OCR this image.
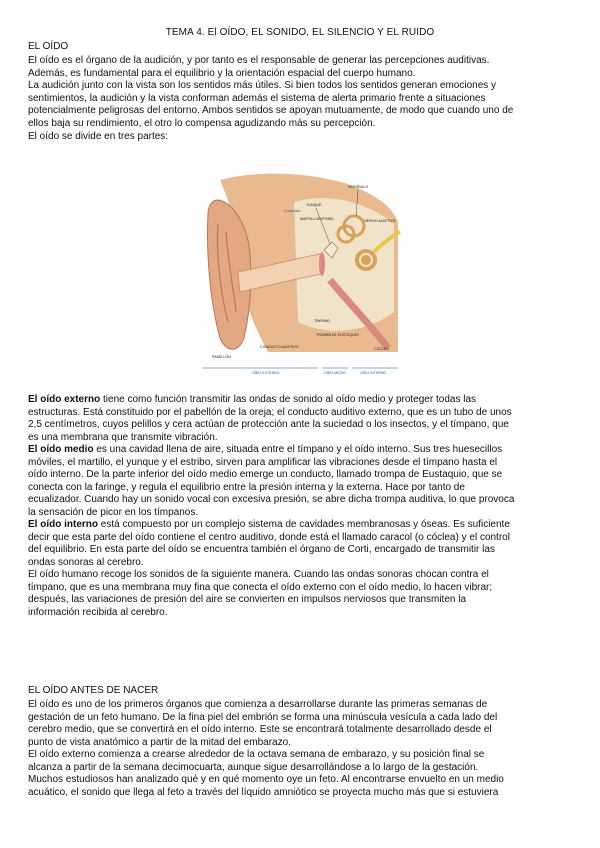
TEMA 4. El OÍDO, EL SONIDO, EL SILENCIO Y EL RUIDO
EL OÍDO
El oído es el órgano de la audición, y por tanto es el responsable de generar las percepciones auditivas.
Además, es fundamental para el equilibrio y la orientación espacial del cuerpo humano.
La audición junto con la vista son los sentidos más útiles. Si bien todos los sentidos generan emociones y
sentimientos, la audición y la vista conforman además el sistema de alerta primario frente a situaciones
potencialmente peligrosas del entorno. Ambos sentidos se apoyan mutuamente, de modo que cuando uno de
ellos baja su rendimiento, el otro lo compensa agudizando más su percepción.
El oído se divide en tres partes:
VESTÍBULO
YUNQUE
3 osículos
MARTILLO ESTRIBO	NERVIO AUDITIVO
TÍMPANO
TROMPA DE EUSTAQUIO
CÓCLEA
CONDUCTO AUDITIVO
PABELLÓN
OÍDO EXTERNO	OÍDO MEDIO	OÍDO INTERNO
El oído externo tiene como función transmitir las ondas de sonido al oído medio y proteger todas las
estructuras. Está constituido por el pabellón de la oreja; el conducto auditivo externo, que es un tubo de unos
2,5 centímetros, cuyos pelillos y cera actúan de protección ante la suciedad o los insectos, y el tímpano, que
es una membrana que transmite vibración.
El oído medio es una cavidad llena de aire, situada entre el tímpano y el oído interno. Sus tres huesecillos
móviles, el martillo, el yunque y el estribo, sirven para amplificar las vibraciones desde el tímpano hasta el
oído interno. De la parte inferior del oído medio emerge un conducto, llamado trompa de Eustaquio, que se
conecta con la faringe, y regula el equilibrio entre la presión interna y la externa. Hace por tanto de
ecualizador. Cuando hay un sonido vocal con excesiva presión, se abre dicha trompa auditiva, lo que provoca
la sensación de picor en los tímpanos.
El oído interno está compuesto por un complejo sistema de cavidades membranosas y óseas. Es suficiente
decir que esta parte del oído contiene el centro auditivo, donde está el llamado caracol (o cóclea) y el control
del equilibrio. En esta parte del oído se encuentra también el órgano de Corti, encargado de transmitir las
ondas sonoras al cerebro.
El oído humano recoge los sonidos de la siguiente manera. Cuando las ondas sonoras chocan contra el
tímpano, que es una membrana muy fina que conecta el oído externo con el oído medio, lo hacen vibrar;
después, las variaciones de presión del aire se convierten en impulsos nerviosos que transmiten la
información recibida al cerebro.
EL OÍDO ANTES DE NACER
El oído es uno de los primeros órganos que comienza a desarrollarse durante las primeras semanas de
gestación de un feto humano. De la fina piel del embrión se forma una minúscula vesícula a cada lado del
cerebro medio, que se convertirá en el oído interno. Este se encontrará totalmente desarrollado desde el
punto de vista anatómico a partir de la mitad del embarazo.
El oído externo comienza a crearse alrededor de la octava semana de embarazo, y su posición final se
alcanza a partir de la semana decimocuarta, aunque sigue desarrollándose a lo largo de la gestación.
Muchos estudiosos han analizado qué y en qué momento oye un feto. Al encontrarse envuelto en un medio
acuático, el sonido que llega al feto a través del líquido amniótico se proyecta mucho más que si estuviera
